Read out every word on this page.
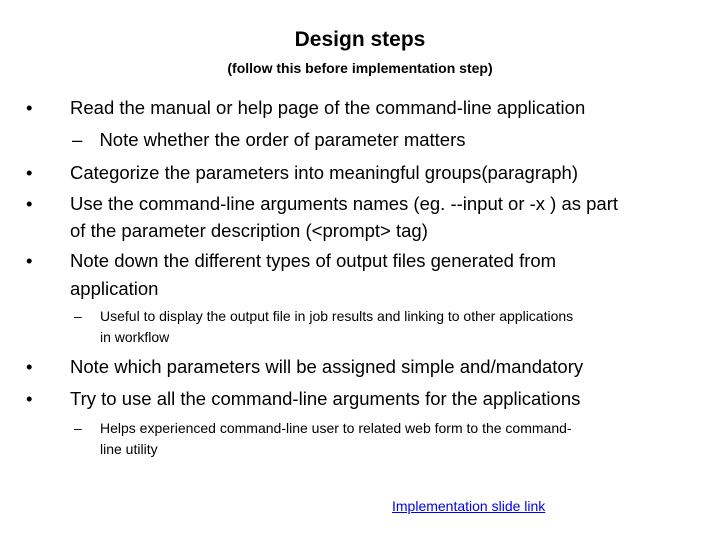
Design steps
(follow this before implementation step)
• Read the manual or help page of the command-line application
– Note whether the order of parameter matters
• Categorize the parameters into meaningful groups(paragraph)
• Use the command-line arguments names (eg. --input or -x ) as part
of the parameter description (<prompt> tag)
• Note down the different types of output files generated from
application
– Useful to display the output file in job results and linking to other applications
in workflow
• Note which parameters will be assigned simple and/mandatory
• Try to use all the command-line arguments for the applications
– Helps experienced command-line user to related web form to the command-
line utility
Implementation slide link
